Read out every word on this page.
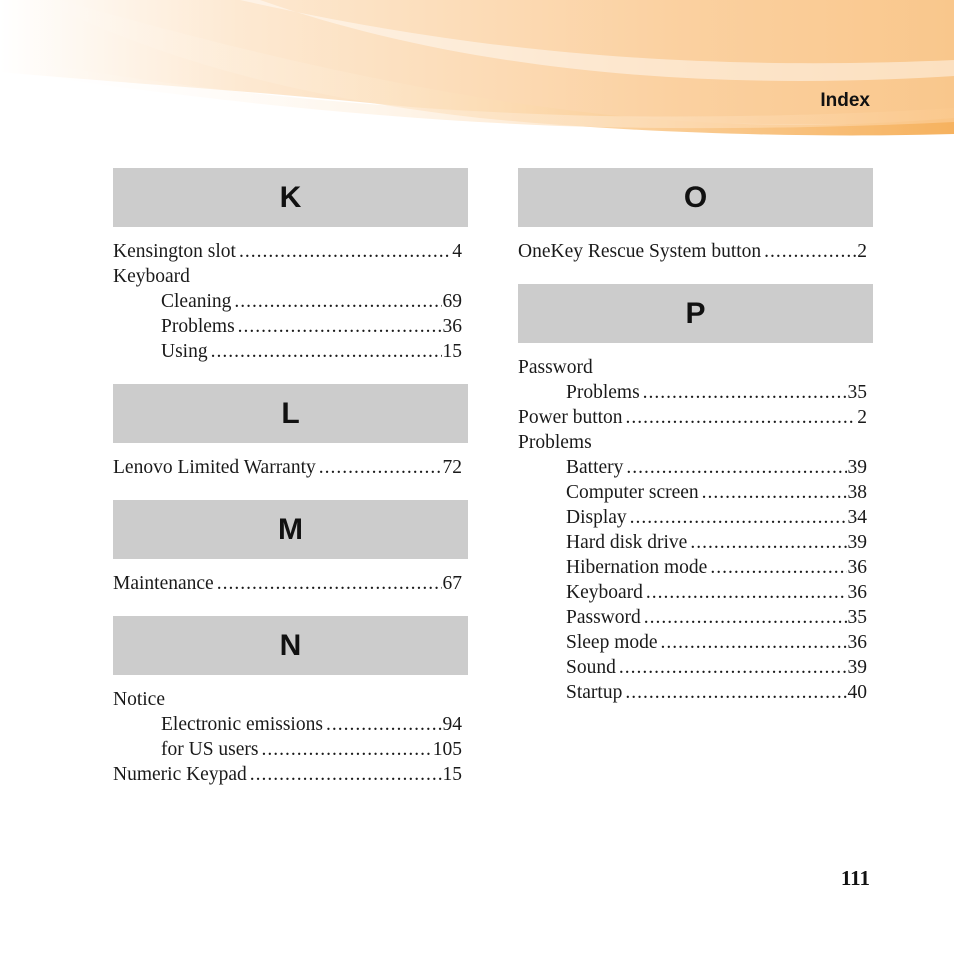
Index
K
Kensington slot .....	4
Keyboard
Cleaning .....	69
Problems .....	36
Using .....	15
L
Lenovo Limited Warranty .....	72
M
Maintenance .....	67
N
Notice
Electronic emissions .....	94
for US users .....	105
Numeric Keypad .....	15
O
OneKey Rescue System button .....	2
P
Password
Problems .....	35
Power button .....	2
Problems
Battery .....	39
Computer screen .....	38
Display .....	34
Hard disk drive .....	39
Hibernation mode .....	36
Keyboard .....	36
Password .....	35
Sleep mode .....	36
Sound .....	39
Startup .....	40
111
